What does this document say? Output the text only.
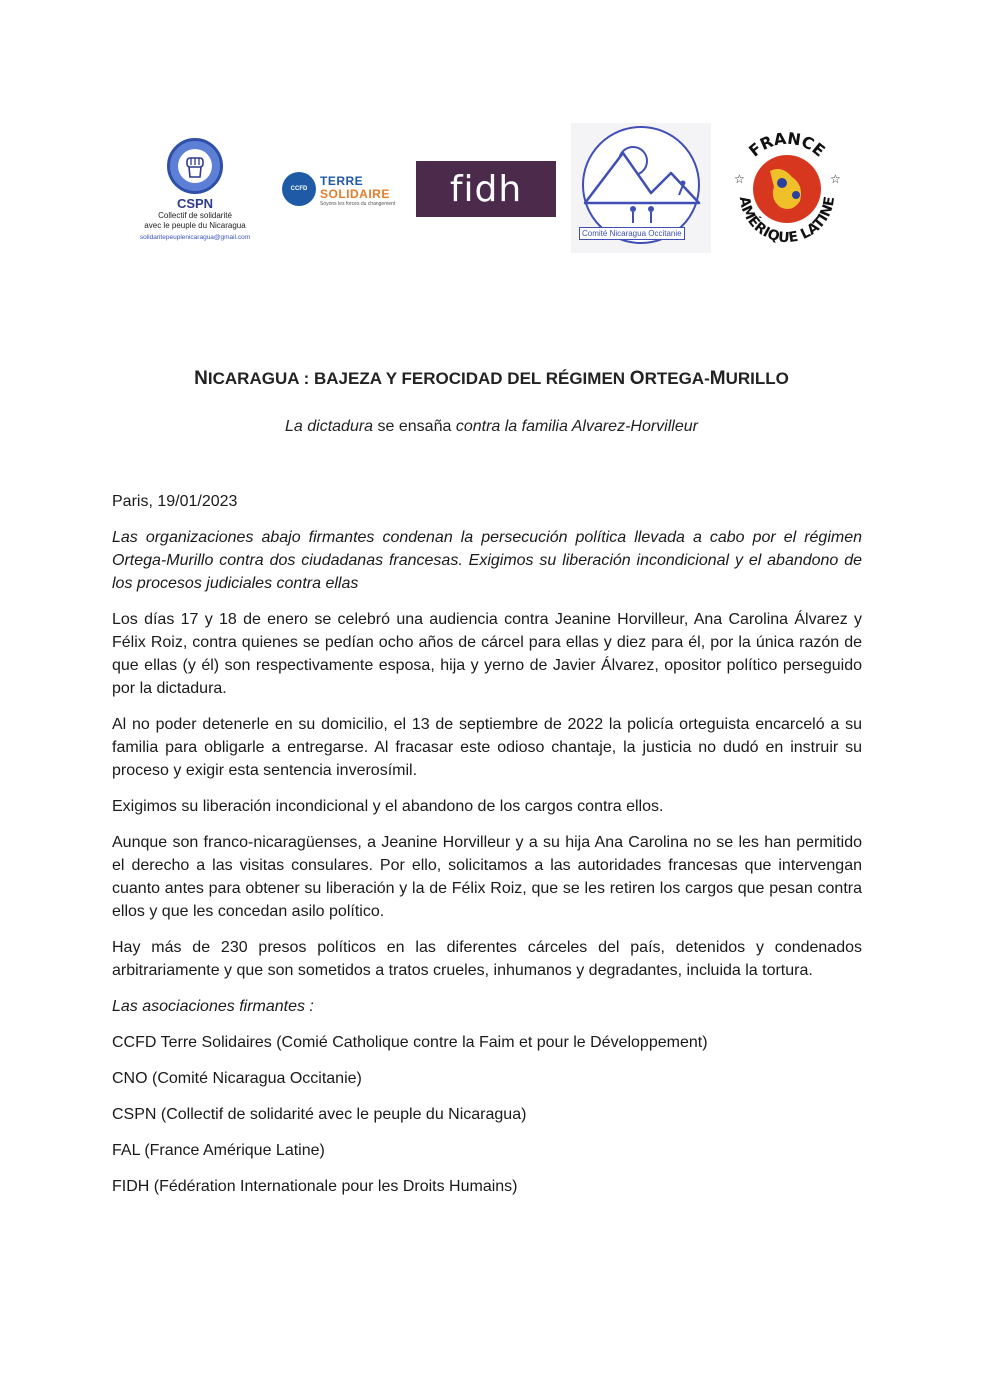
CSPN
Collectif de solidarité
avec le peuple du Nicaragua
solidaritepeuplenicaragua@gmail.com
CCFD
TERRE
SOLIDAIRE
Soyons les forces du changement	fidh
Comité Nicaragua Occitanie
FRANCE
AMÉRIQUE LATINE
☆	☆
NICARAGUA : BAJEZA Y FEROCIDAD DEL RÉGIMEN ORTEGA-MURILLO
La dictadura se ensaña contra la familia Alvarez-Horvilleur

Paris, 19/01/2023

Las organizaciones abajo firmantes condenan la persecución política llevada a cabo por el régimen Ortega-Murillo contra dos ciudadanas francesas. Exigimos su liberación incondicional y el abandono de los procesos judiciales contra ellas

Los días 17 y 18 de enero se celebró una audiencia contra Jeanine Horvilleur, Ana Carolina Álvarez y Félix Roiz, contra quienes se pedían ocho años de cárcel para ellas y diez para él, por la única razón de que ellas (y él) son respectivamente esposa, hija y yerno de Javier Álvarez, opositor político perseguido por la dictadura.

Al no poder detenerle en su domicilio, el 13 de septiembre de 2022 la policía orteguista encarceló a su familia para obligarle a entregarse. Al fracasar este odioso chantaje, la justicia no dudó en instruir su proceso y exigir esta sentencia inverosímil.

Exigimos su liberación incondicional y el abandono de los cargos contra ellos.

Aunque son franco-nicaragüenses, a Jeanine Horvilleur y a su hija Ana Carolina no se les han permitido el derecho a las visitas consulares. Por ello, solicitamos a las autoridades francesas que intervengan cuanto antes para obtener su liberación y la de Félix Roiz, que se les retiren los cargos que pesan contra ellos y que les concedan asilo político.

Hay más de 230 presos políticos en las diferentes cárceles del país, detenidos y condenados arbitrariamente y que son sometidos a tratos crueles, inhumanos y degradantes, incluida la tortura.

Las asociaciones firmantes :

CCFD Terre Solidaires (Comié Catholique contre la Faim et pour le Développement)

CNO (Comité Nicaragua Occitanie)

CSPN (Collectif de solidarité avec le peuple du Nicaragua)

FAL (France Amérique Latine)

FIDH (Fédération Internationale pour les Droits Humains)
